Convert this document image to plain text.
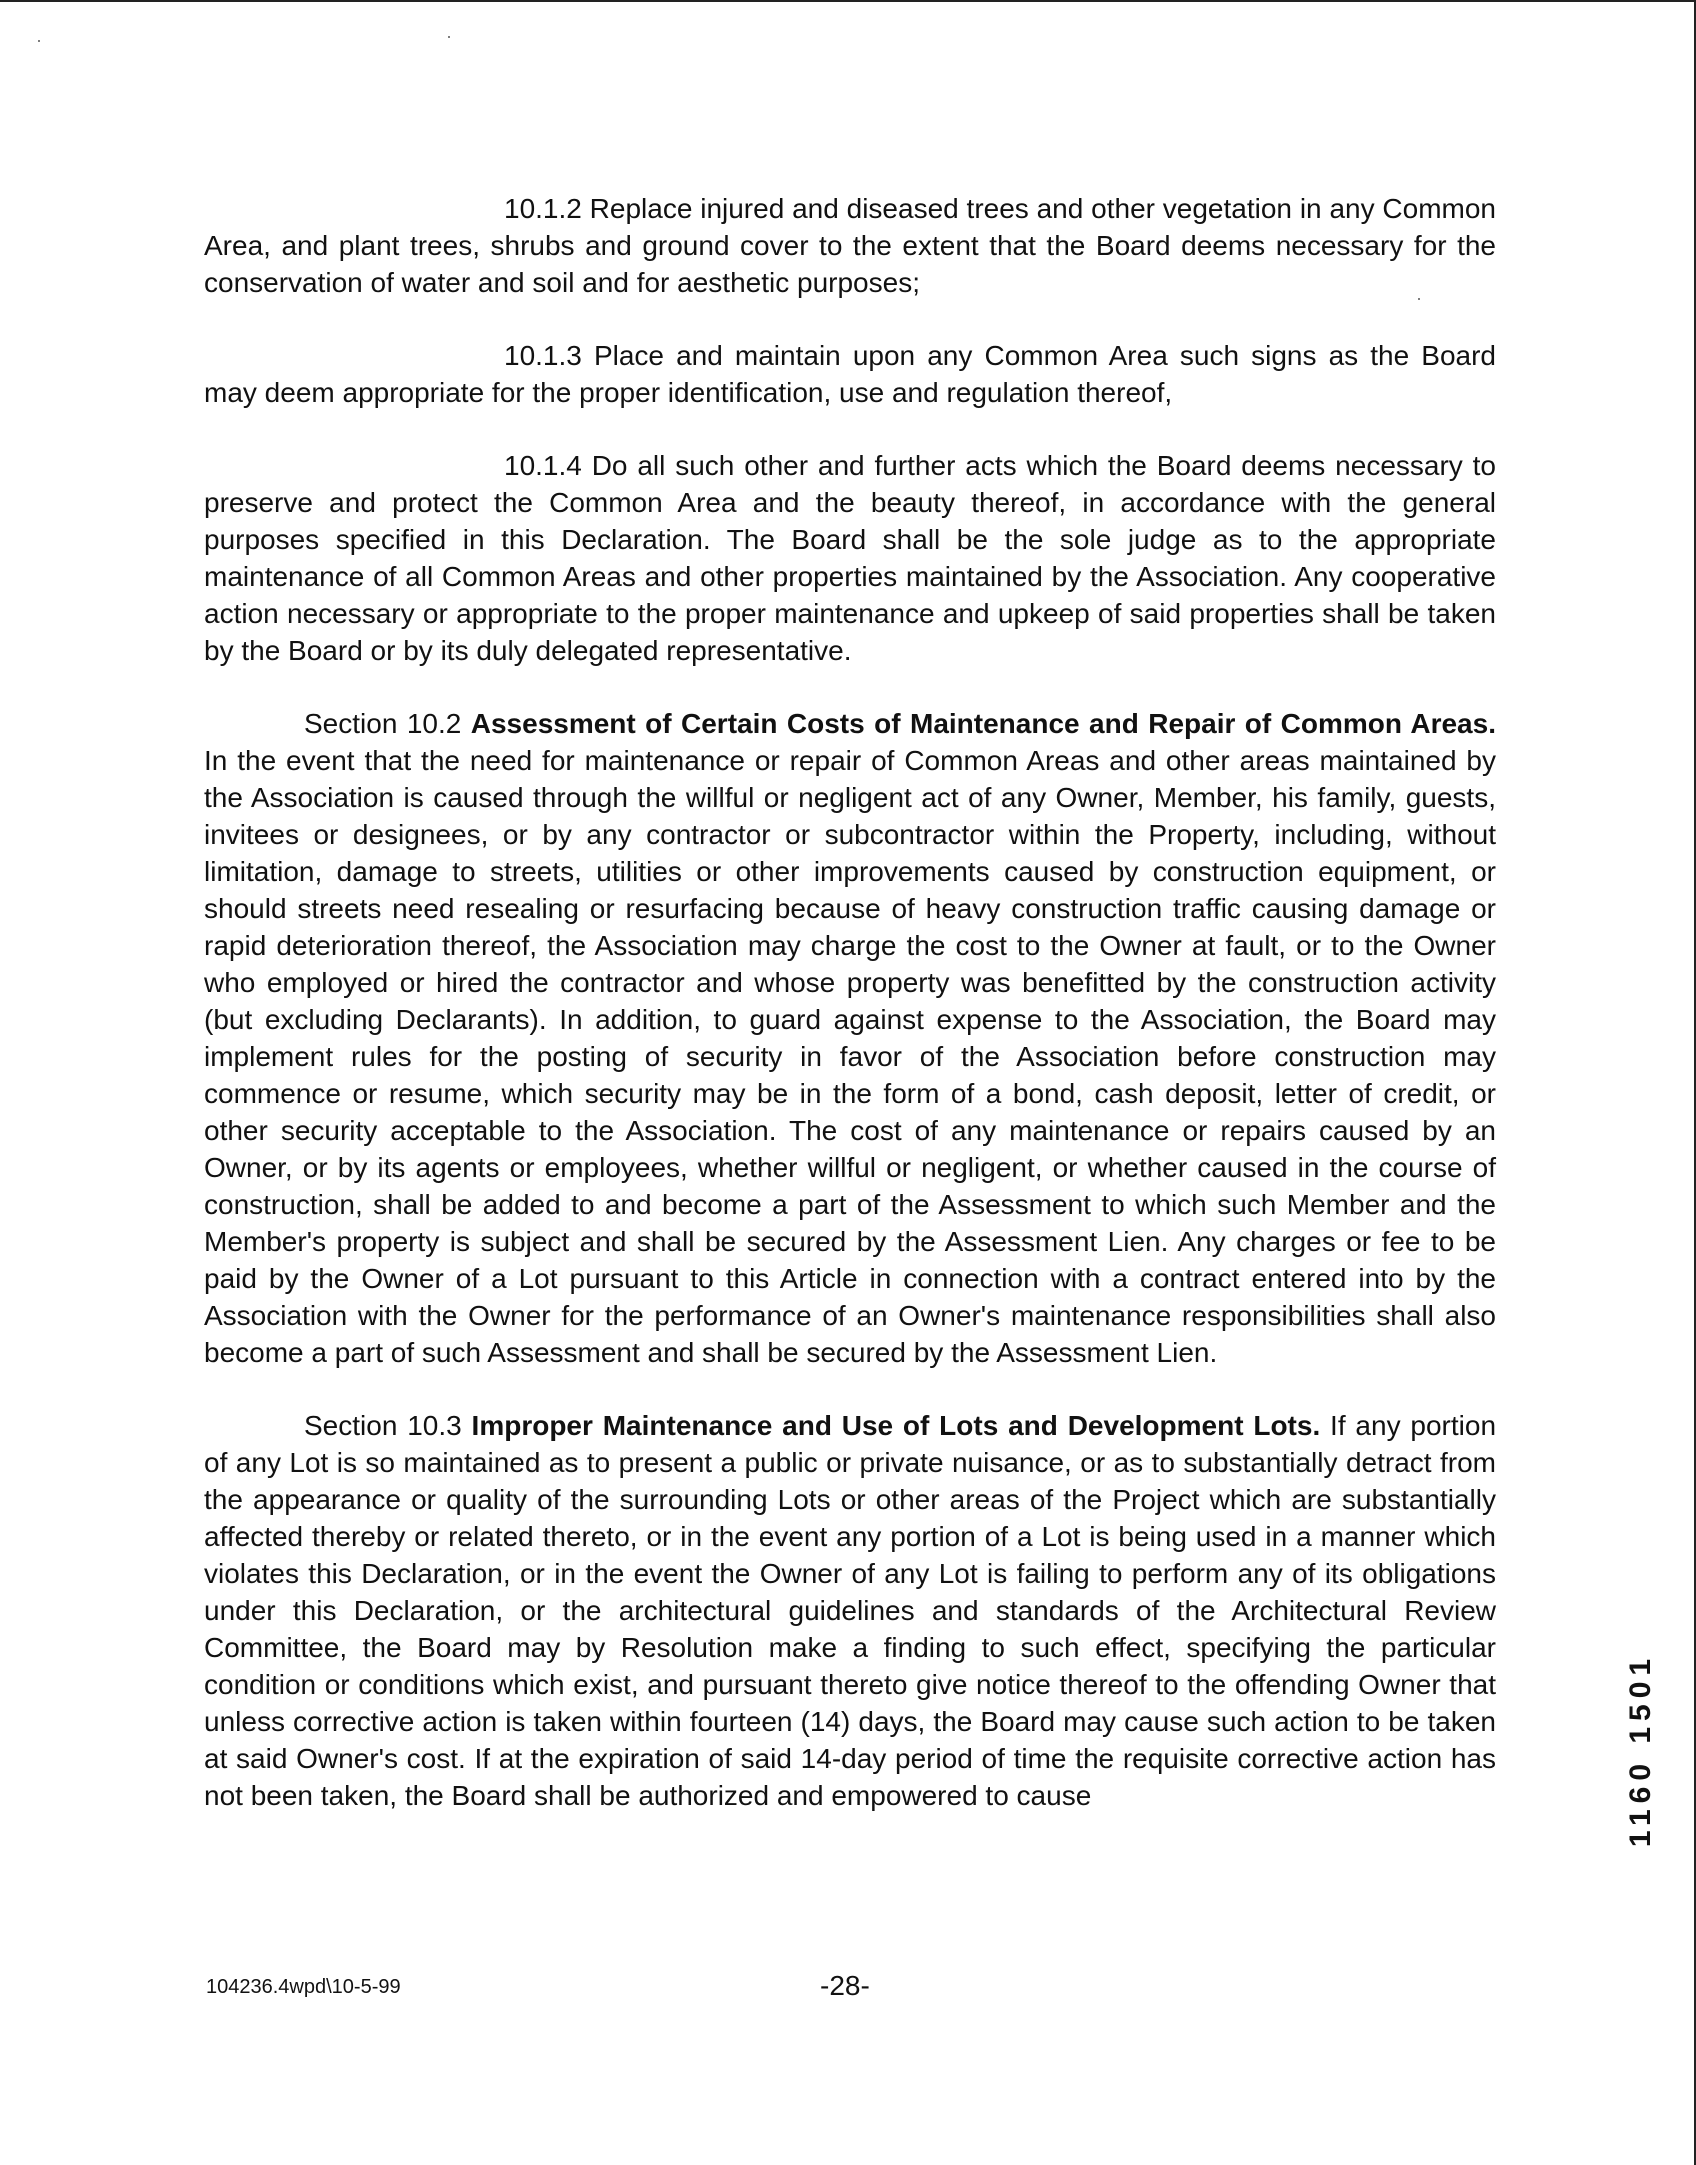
10.1.2 Replace injured and diseased trees and other vegetation in any Common Area, and plant trees, shrubs and ground cover to the extent that the Board deems necessary for the conservation of water and soil and for aesthetic purposes;

10.1.3 Place and maintain upon any Common Area such signs as the Board may deem appropriate for the proper identification, use and regulation thereof,

10.1.4 Do all such other and further acts which the Board deems necessary to preserve and protect the Common Area and the beauty thereof, in accordance with the general purposes specified in this Declaration. The Board shall be the sole judge as to the appropriate maintenance of all Common Areas and other properties maintained by the Association. Any cooperative action necessary or appropriate to the proper maintenance and upkeep of said properties shall be taken by the Board or by its duly delegated representative.

Section 10.2 Assessment of Certain Costs of Maintenance and Repair of Common Areas. In the event that the need for maintenance or repair of Common Areas and other areas maintained by the Association is caused through the willful or negligent act of any Owner, Member, his family, guests, invitees or designees, or by any contractor or subcontractor within the Property, including, without limitation, damage to streets, utilities or other improvements caused by construction equipment, or should streets need resealing or resurfacing because of heavy construction traffic causing damage or rapid deterioration thereof, the Association may charge the cost to the Owner at fault, or to the Owner who employed or hired the contractor and whose property was benefitted by the construction activity (but excluding Declarants). In addition, to guard against expense to the Association, the Board may implement rules for the posting of security in favor of the Association before construction may commence or resume, which security may be in the form of a bond, cash deposit, letter of credit, or other security acceptable to the Association. The cost of any maintenance or repairs caused by an Owner, or by its agents or employees, whether willful or negligent, or whether caused in the course of construction, shall be added to and become a part of the Assessment to which such Member and the Member's property is subject and shall be secured by the Assessment Lien. Any charges or fee to be paid by the Owner of a Lot pursuant to this Article in connection with a contract entered into by the Association with the Owner for the performance of an Owner's maintenance responsibilities shall also become a part of such Assessment and shall be secured by the Assessment Lien.

Section 10.3 Improper Maintenance and Use of Lots and Development Lots. If any portion of any Lot is so maintained as to present a public or private nuisance, or as to substantially detract from the appearance or quality of the surrounding Lots or other areas of the Project which are substantially affected thereby or related thereto, or in the event any portion of a Lot is being used in a manner which violates this Declaration, or in the event the Owner of any Lot is failing to perform any of its obligations under this Declaration, or the architectural guidelines and standards of the Architectural Review Committee, the Board may by Resolution make a finding to such effect, specifying the particular condition or conditions which exist, and pursuant thereto give notice thereof to the offending Owner that unless corrective action is taken within fourteen (14) days, the Board may cause such action to be taken at said Owner's cost. If at the expiration of said 14-day period of time the requisite corrective action has not been taken, the Board shall be authorized and empowered to cause

104236.4wpd\10-5-99	-28-
1160 1501
